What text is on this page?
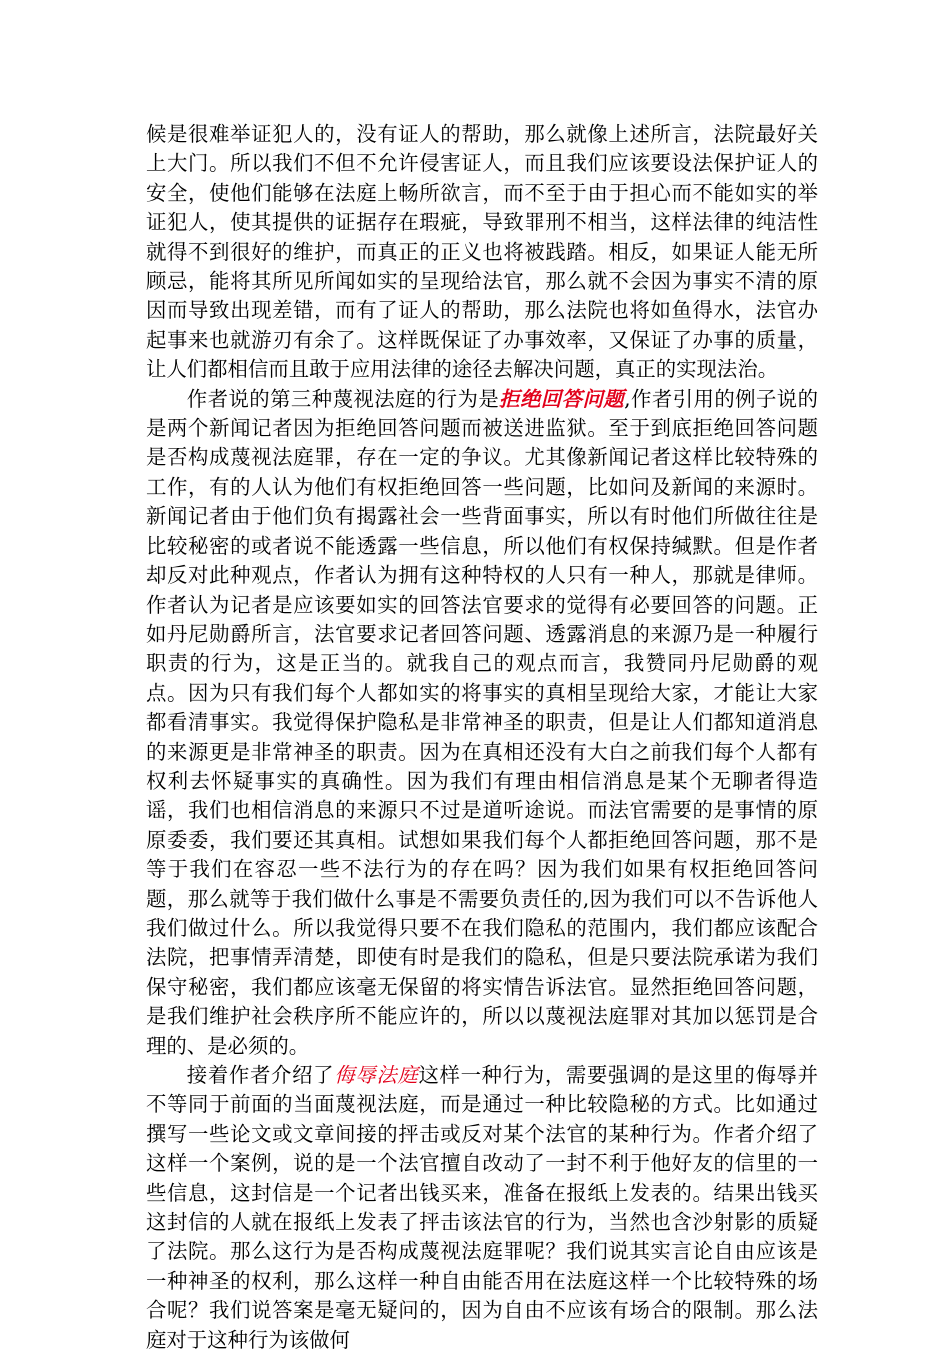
候是很难举证犯人的，没有证人的帮助，那么就像上述所言，法院最好关上大门。所以我们不但不允许侵害证人，而且我们应该要设法保护证人的安全，使他们能够在法庭上畅所欲言，而不至于由于担心而不能如实的举证犯人，使其提供的证据存在瑕疵，导致罪刑不相当，这样法律的纯洁性就得不到很好的维护，而真正的正义也将被践踏。相反，如果证人能无所顾忌，能将其所见所闻如实的呈现给法官，那么就不会因为事实不清的原因而导致出现差错，而有了证人的帮助，那么法院也将如鱼得水，法官办起事来也就游刃有余了。这样既保证了办事效率，又保证了办事的质量，让人们都相信而且敢于应用法律的途径去解决问题，真正的实现法治。

作者说的第三种蔑视法庭的行为是拒绝回答问题,作者引用的例子说的是两个新闻记者因为拒绝回答问题而被送进监狱。至于到底拒绝回答问题是否构成蔑视法庭罪，存在一定的争议。尤其像新闻记者这样比较特殊的工作，有的人认为他们有权拒绝回答一些问题，比如问及新闻的来源时。新闻记者由于他们负有揭露社会一些背面事实，所以有时他们所做往往是比较秘密的或者说不能透露一些信息，所以他们有权保持缄默。但是作者却反对此种观点，作者认为拥有这种特权的人只有一种人，那就是律师。作者认为记者是应该要如实的回答法官要求的觉得有必要回答的问题。正如丹尼勋爵所言，法官要求记者回答问题、透露消息的来源乃是一种履行职责的行为，这是正当的。就我自己的观点而言，我赞同丹尼勋爵的观点。因为只有我们每个人都如实的将事实的真相呈现给大家，才能让大家都看清事实。我觉得保护隐私是非常神圣的职责，但是让人们都知道消息的来源更是非常神圣的职责。因为在真相还没有大白之前我们每个人都有权利去怀疑事实的真确性。因为我们有理由相信消息是某个无聊者得造谣，我们也相信消息的来源只不过是道听途说。而法官需要的是事情的原原委委，我们要还其真相。试想如果我们每个人都拒绝回答问题，那不是等于我们在容忍一些不法行为的存在吗？因为我们如果有权拒绝回答问题，那么就等于我们做什么事是不需要负责任的,因为我们可以不告诉他人我们做过什么。所以我觉得只要不在我们隐私的范围内，我们都应该配合法院，把事情弄清楚，即使有时是我们的隐私，但是只要法院承诺为我们保守秘密，我们都应该毫无保留的将实情告诉法官。显然拒绝回答问题，是我们维护社会秩序所不能应许的，所以以蔑视法庭罪对其加以惩罚是合理的、是必须的。

接着作者介绍了侮辱法庭这样一种行为，需要强调的是这里的侮辱并不等同于前面的当面蔑视法庭，而是通过一种比较隐秘的方式。比如通过撰写一些论文或文章间接的抨击或反对某个法官的某种行为。作者介绍了这样一个案例，说的是一个法官擅自改动了一封不利于他好友的信里的一些信息，这封信是一个记者出钱买来，准备在报纸上发表的。结果出钱买这封信的人就在报纸上发表了抨击该法官的行为，当然也含沙射影的质疑了法院。那么这行为是否构成蔑视法庭罪呢？我们说其实言论自由应该是一种神圣的权利，那么这样一种自由能否用在法庭这样一个比较特殊的场合呢？我们说答案是毫无疑问的，因为自由不应该有场合的限制。那么法庭对于这种行为该做何
